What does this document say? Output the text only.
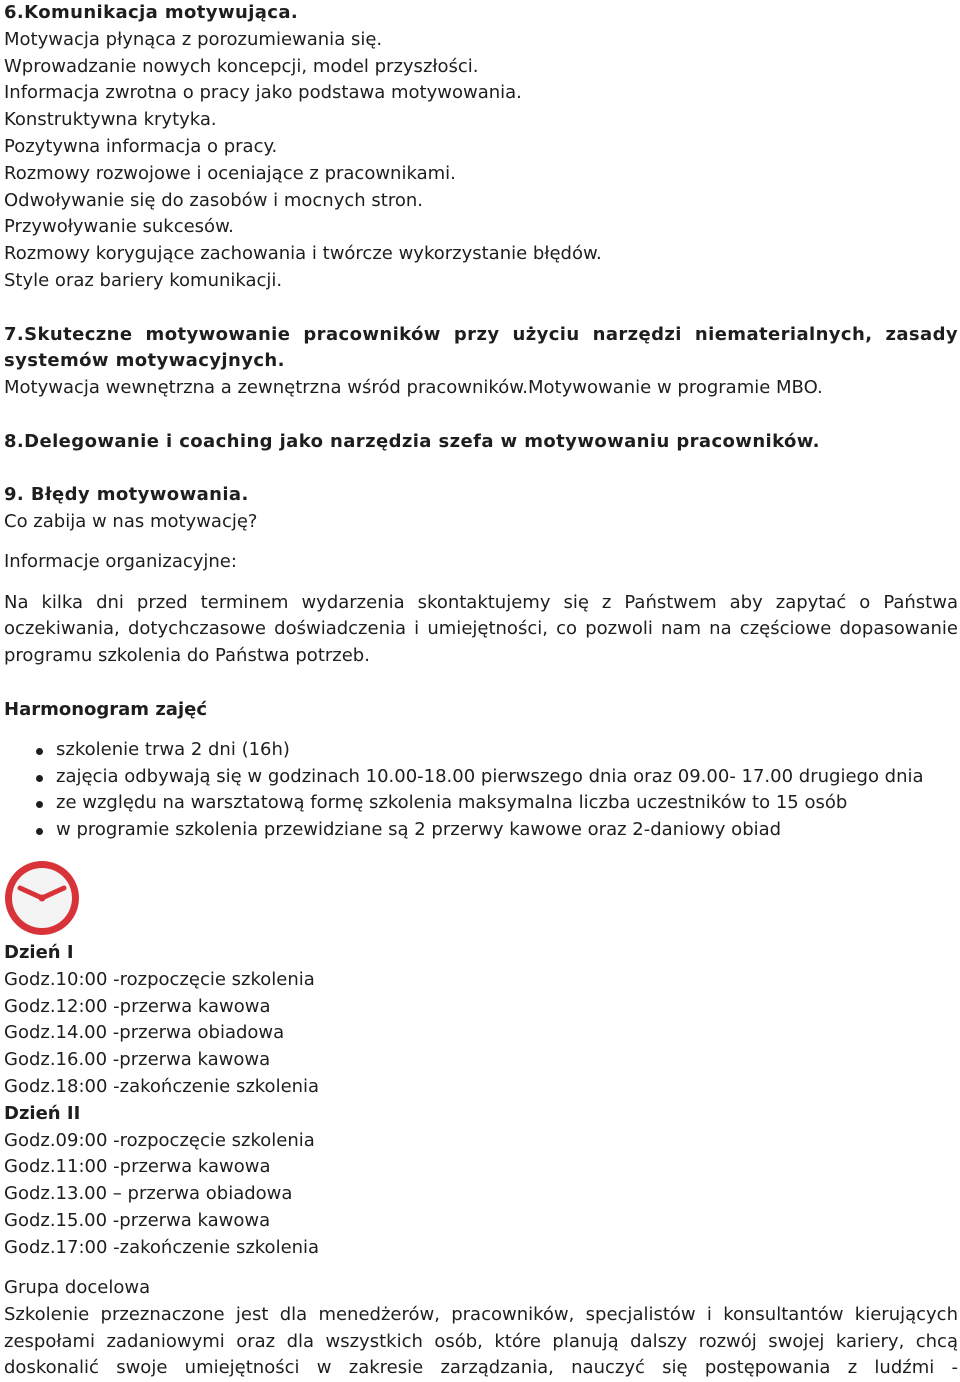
6.Komunikacja motywująca.
Motywacja płynąca z porozumiewania się.
Wprowadzanie nowych koncepcji, model przyszłości.
Informacja zwrotna o pracy jako podstawa motywowania.
Konstruktywna krytyka.
Pozytywna informacja o pracy.
Rozmowy rozwojowe i oceniające z pracownikami.
Odwoływanie się do zasobów i mocnych stron.
Przywoływanie sukcesów.
Rozmowy korygujące zachowania i twórcze wykorzystanie błędów.
Style oraz bariery komunikacji.
7.Skuteczne motywowanie pracowników przy użyciu narzędzi niematerialnych, zasady
systemów motywacyjnych.
Motywacja wewnętrzna a zewnętrzna wśród pracowników.Motywowanie w programie MBO.
8.Delegowanie i coaching jako narzędzia szefa w motywowaniu pracowników.
9. Błędy motywowania.
Co zabija w nas motywację?
Informacje organizacyjne:
Na kilka dni przed terminem wydarzenia skontaktujemy się z Państwem aby zapytać o Państwa
oczekiwania, dotychczasowe doświadczenia i umiejętności, co pozwoli nam na częściowe dopasowanie
programu szkolenia do Państwa potrzeb.
Harmonogram zajęć
szkolenie trwa 2 dni (16h)
zajęcia odbywają się w godzinach 10.00-18.00 pierwszego dnia oraz 09.00- 17.00 drugiego dnia
ze względu na warsztatową formę szkolenia maksymalna liczba uczestników to 15 osób
w programie szkolenia przewidziane są 2 przerwy kawowe oraz 2-daniowy obiad
Dzień I
Godz.10:00 -rozpoczęcie szkolenia
Godz.12:00 -przerwa kawowa
Godz.14.00 -przerwa obiadowa
Godz.16.00 -przerwa kawowa
Godz.18:00 -zakończenie szkolenia
Dzień II
Godz.09:00 -rozpoczęcie szkolenia
Godz.11:00 -przerwa kawowa
Godz.13.00 – przerwa obiadowa
Godz.15.00 -przerwa kawowa
Godz.17:00 -zakończenie szkolenia
Grupa docelowa
Szkolenie przeznaczone jest dla menedżerów, pracowników, specjalistów i konsultantów kierujących
zespołami zadaniowymi oraz dla wszystkich osób, które planują dalszy rozwój swojej kariery, chcą
doskonalić swoje umiejętności w zakresie zarządzania, nauczyć się postępowania z ludźmi -
